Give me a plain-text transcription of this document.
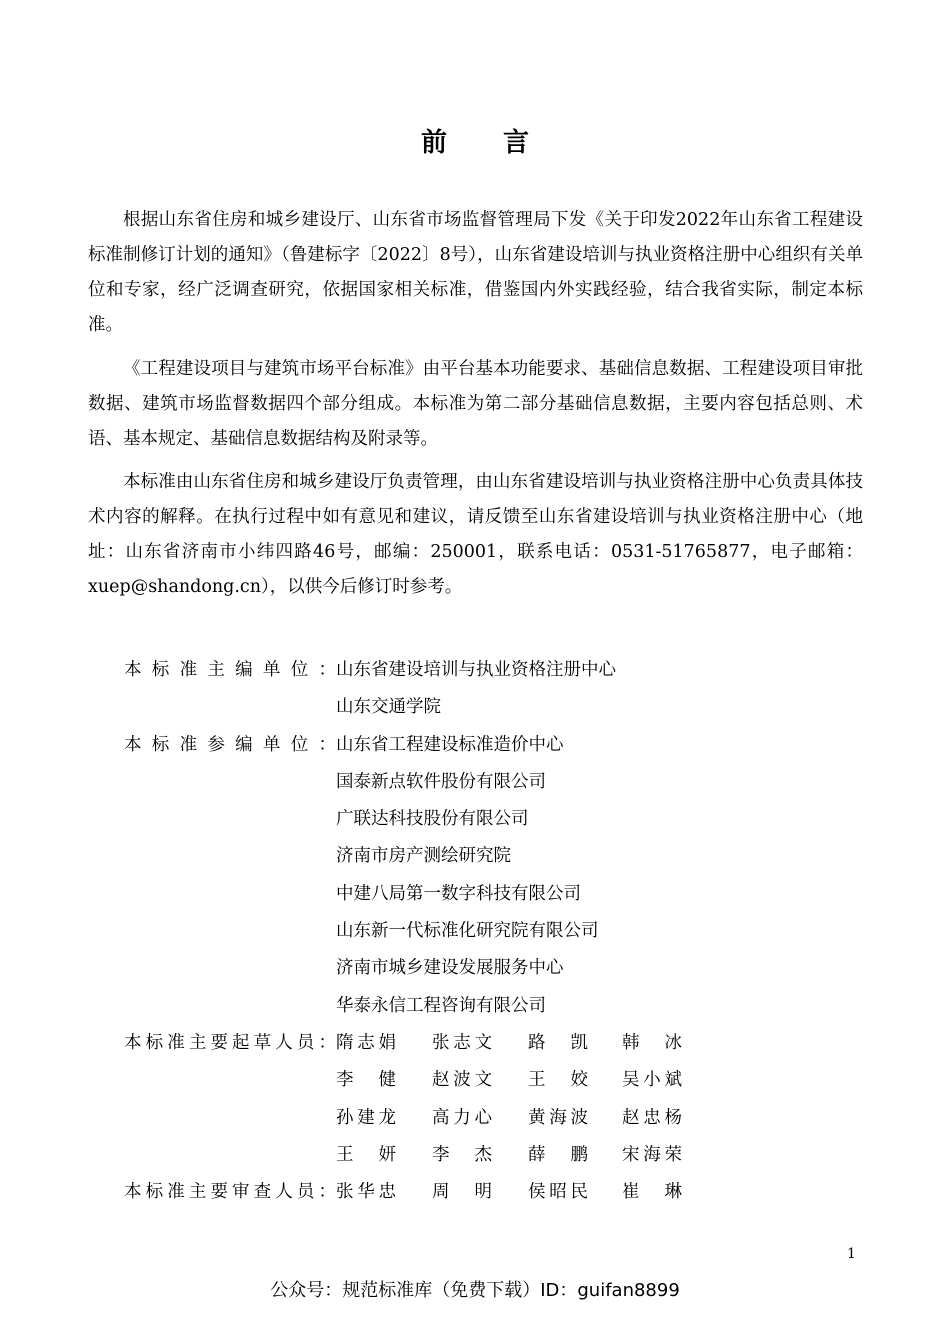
前言

根据山东省住房和城乡建设厅、山东省市场监督管理局下发《关于印发2022年山东省工程建设标准制修订计划的通知》（鲁建标字〔2022〕8号），山东省建设培训与执业资格注册中心组织有关单位和专家，经广泛调查研究，依据国家相关标准，借鉴国内外实践经验，结合我省实际，制定本标准。

《工程建设项目与建筑市场平台标准》由平台基本功能要求、基础信息数据、工程建设项目审批数据、建筑市场监督数据四个部分组成。本标准为第二部分基础信息数据，主要内容包括总则、术语、基本规定、基础信息数据结构及附录等。

本标准由山东省住房和城乡建设厅负责管理，由山东省建设培训与执业资格注册中心负责具体技术内容的解释。在执行过程中如有意见和建议，请反馈至山东省建设培训与执业资格注册中心（地址：山东省济南市小纬四路46号，邮编：250001，联系电话：0531-51765877，电子邮箱：xuep@shandong.cn），以供今后修订时参考。

本标准主编单位： 山东省建设培训与执业资格注册中心
山东交通学院
本标准参编单位： 山东省工程建设标准造价中心
国泰新点软件股份有限公司
广联达科技股份有限公司
济南市房产测绘研究院
中建八局第一数字科技有限公司
山东新一代标准化研究院有限公司
济南市城乡建设发展服务中心
华泰永信工程咨询有限公司
本标准主要起草人员： 隋志娟 张志文 路凯 韩冰
李健 赵波文 王姣 吴小斌
孙建龙 高力心 黄海波 赵忠杨
王妍 李杰 薛鹏 宋海荣
本标准主要审查人员： 张华忠 周明 侯昭民 崔琳
1
公众号：规范标准库（免费下载）ID：guifan8899
